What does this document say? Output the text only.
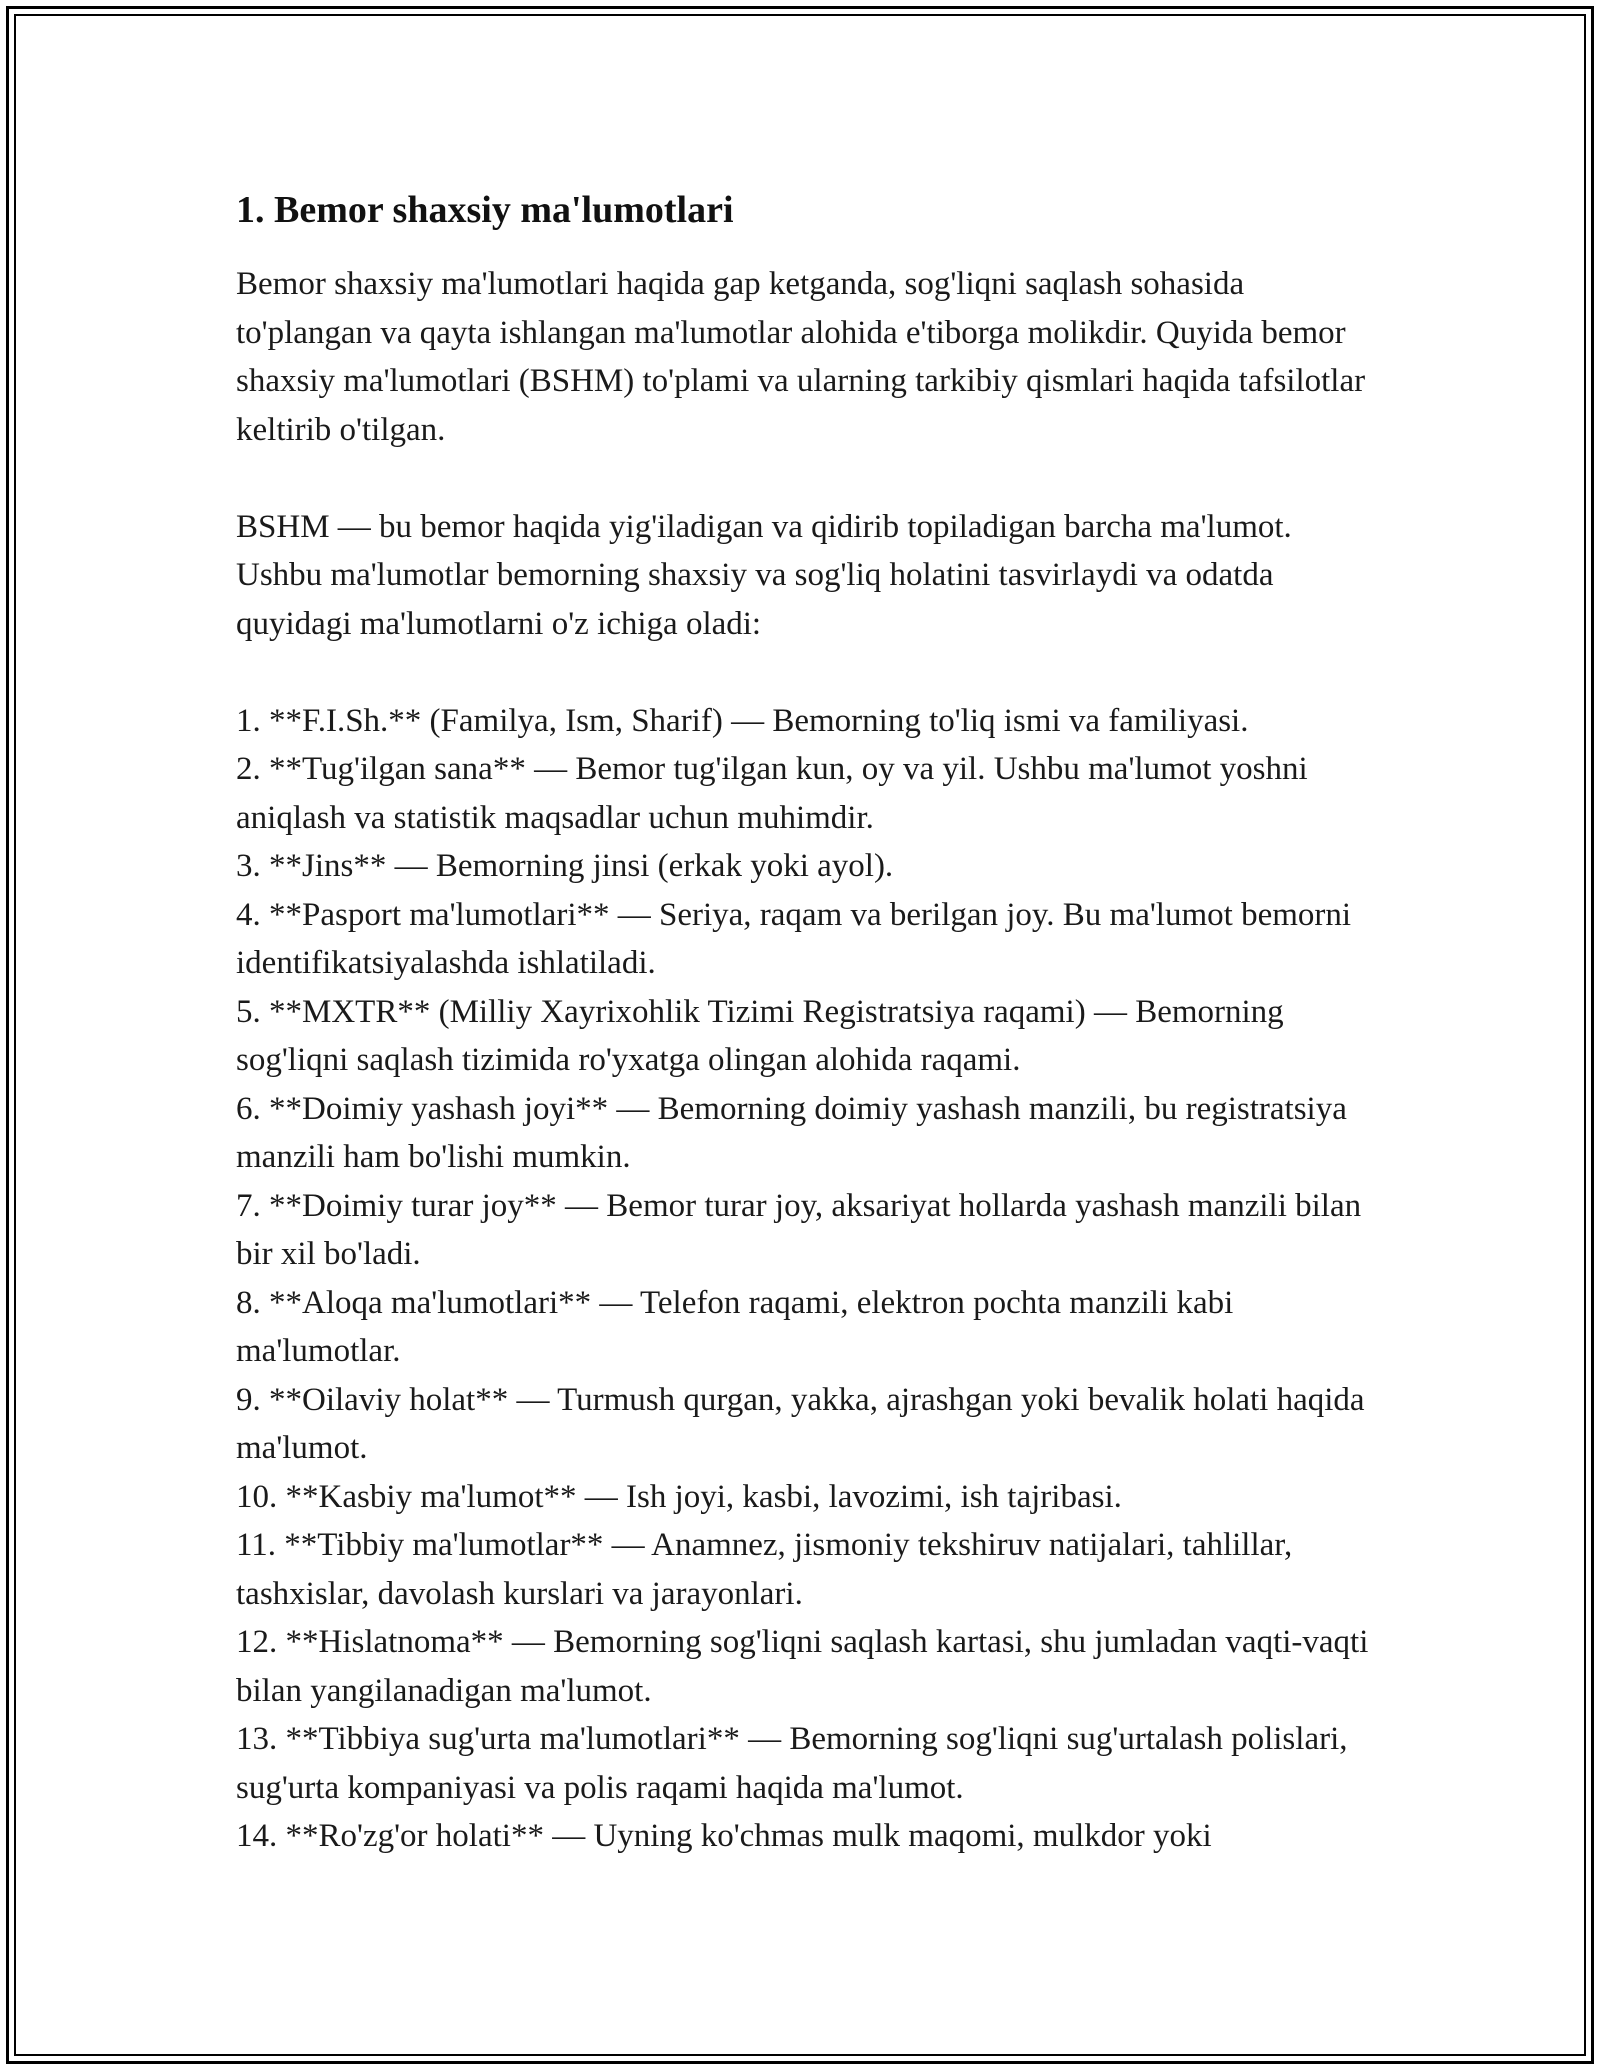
1. Bemor shaxsiy ma'lumotlari

Bemor shaxsiy ma'lumotlari haqida gap ketganda, sog'liqni saqlash sohasida to'plangan va qayta ishlangan ma'lumotlar alohida e'tiborga molikdir. Quyida bemor shaxsiy ma'lumotlari (BSHM) to'plami va ularning tarkibiy qismlari haqida tafsilotlar keltirib o'tilgan.

BSHM — bu bemor haqida yig'iladigan va qidirib topiladigan barcha ma'lumot. Ushbu ma'lumotlar bemorning shaxsiy va sog'liq holatini tasvirlaydi va odatda quyidagi ma'lumotlarni o'z ichiga oladi:

1. **F.I.Sh.** (Familya, Ism, Sharif) — Bemorning to'liq ismi va familiyasi.

2. **Tug'ilgan sana** — Bemor tug'ilgan kun, oy va yil. Ushbu ma'lumot yoshni aniqlash va statistik maqsadlar uchun muhimdir.

3. **Jins** — Bemorning jinsi (erkak yoki ayol).

4. **Pasport ma'lumotlari** — Seriya, raqam va berilgan joy. Bu ma'lumot bemorni identifikatsiyalashda ishlatiladi.

5. **MXTR** (Milliy Xayrixohlik Tizimi Registratsiya raqami) — Bemorning sog'liqni saqlash tizimida ro'yxatga olingan alohida raqami.

6. **Doimiy yashash joyi** — Bemorning doimiy yashash manzili, bu registratsiya manzili ham bo'lishi mumkin.

7. **Doimiy turar joy** — Bemor turar joy, aksariyat hollarda yashash manzili bilan bir xil bo'ladi.

8. **Aloqa ma'lumotlari** — Telefon raqami, elektron pochta manzili kabi ma'lumotlar.

9. **Oilaviy holat** — Turmush qurgan, yakka, ajrashgan yoki bevalik holati haqida ma'lumot.

10. **Kasbiy ma'lumot** — Ish joyi, kasbi, lavozimi, ish tajribasi.

11. **Tibbiy ma'lumotlar** — Anamnez, jismoniy tekshiruv natijalari, tahlillar, tashxislar, davolash kurslari va jarayonlari.

12. **Hislatnoma** — Bemorning sog'liqni saqlash kartasi, shu jumladan vaqti-vaqti bilan yangilanadigan ma'lumot.

13. **Tibbiya sug'urta ma'lumotlari** — Bemorning sog'liqni sug'urtalash polislari, sug'urta kompaniyasi va polis raqami haqida ma'lumot.

14. **Ro'zg'or holati** — Uyning ko'chmas mulk maqomi, mulkdor yoki
